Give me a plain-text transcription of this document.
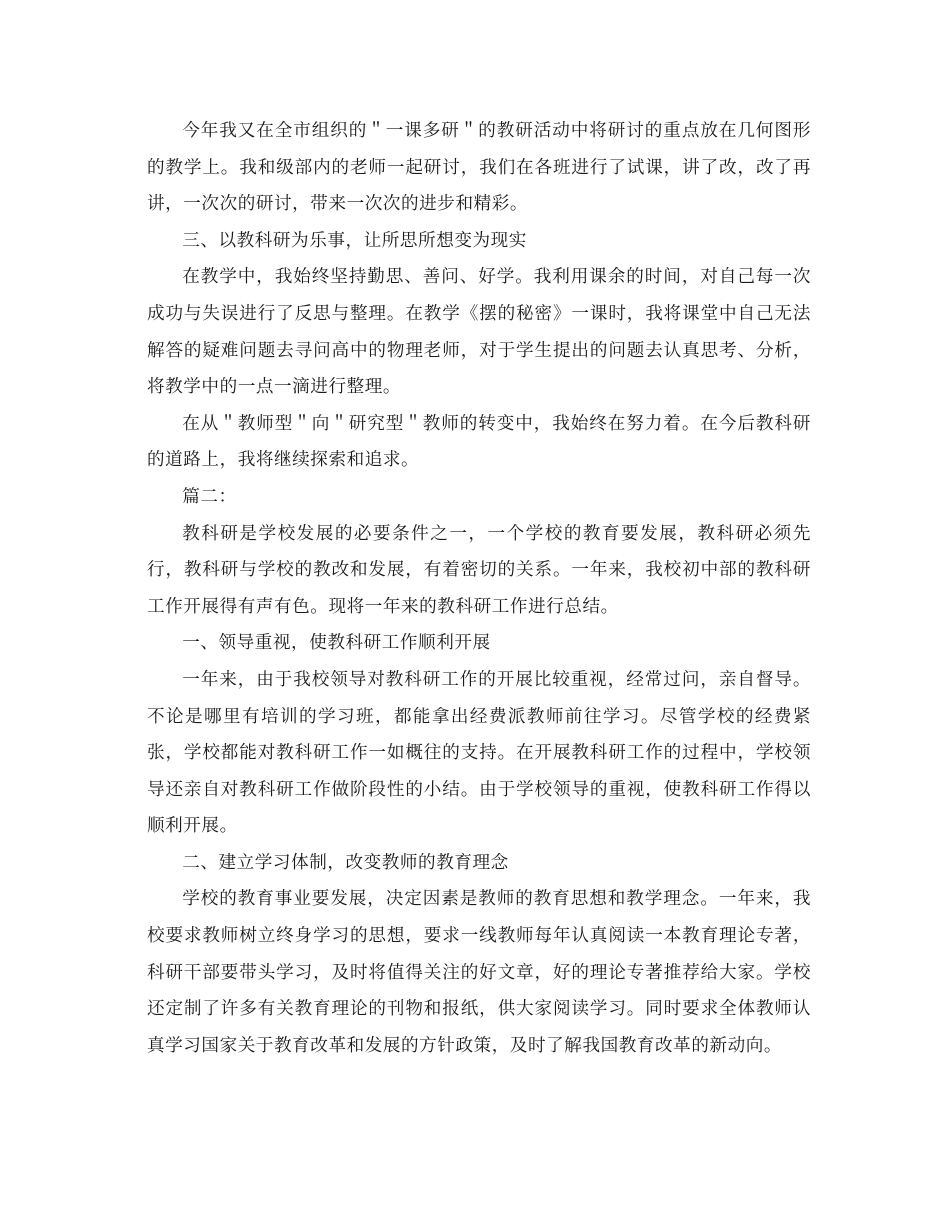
今年我又在全市组织的＂一课多研＂的教研活动中将研讨的重点放在几何图形的教学上。我和级部内的老师一起研讨，我们在各班进行了试课，讲了改，改了再讲，一次次的研讨，带来一次次的进步和精彩。

三、以教科研为乐事，让所思所想变为现实

在教学中，我始终坚持勤思、善问、好学。我利用课余的时间，对自己每一次成功与失误进行了反思与整理。在教学《摆的秘密》一课时，我将课堂中自己无法解答的疑难问题去寻问高中的物理老师，对于学生提出的问题去认真思考、分析，将教学中的一点一滴进行整理。

在从＂教师型＂向＂研究型＂教师的转变中，我始终在努力着。在今后教科研的道路上，我将继续探索和追求。

篇二：

教科研是学校发展的必要条件之一，一个学校的教育要发展，教科研必须先行，教科研与学校的教改和发展，有着密切的关系。一年来，我校初中部的教科研工作开展得有声有色。现将一年来的教科研工作进行总结。

一、领导重视，使教科研工作顺利开展

一年来，由于我校领导对教科研工作的开展比较重视，经常过问，亲自督导。不论是哪里有培训的学习班，都能拿出经费派教师前往学习。尽管学校的经费紧张，学校都能对教科研工作一如概往的支持。在开展教科研工作的过程中，学校领导还亲自对教科研工作做阶段性的小结。由于学校领导的重视，使教科研工作得以顺利开展。

二、建立学习体制，改变教师的教育理念

学校的教育事业要发展，决定因素是教师的教育思想和教学理念。一年来，我校要求教师树立终身学习的思想，要求一线教师每年认真阅读一本教育理论专著，科研干部要带头学习，及时将值得关注的好文章，好的理论专著推荐给大家。学校还定制了许多有关教育理论的刊物和报纸，供大家阅读学习。同时要求全体教师认真学习国家关于教育改革和发展的方针政策，及时了解我国教育改革的新动向。
